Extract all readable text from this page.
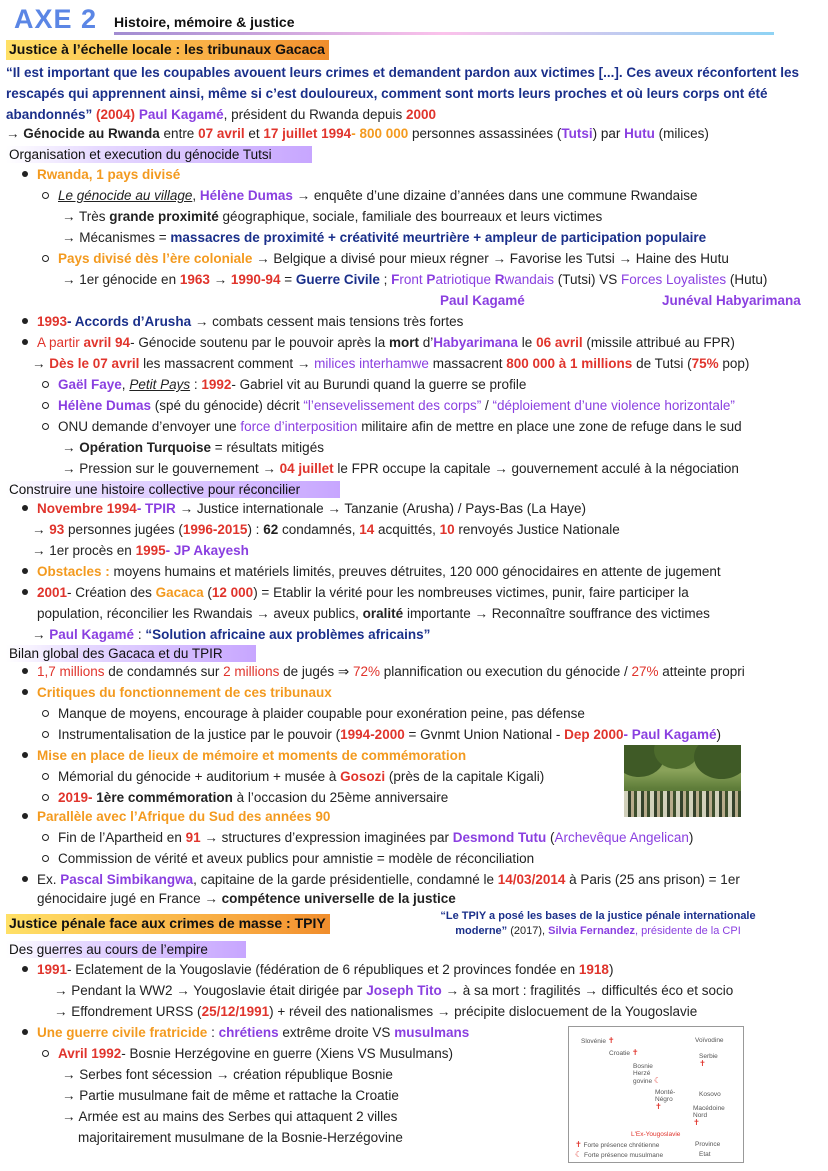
AXE 2 Histoire, mémoire & justice
Justice à l’échelle locale : les tribunaux Gacaca
“Il est important que les coupables avouent leurs crimes et demandent pardon aux victimes [...]. Ces aveux réconfortent les rescapés qui apprennent ainsi, même si c’est douloureux, comment sont morts leurs proches et où leurs corps ont été abandonnés” (2004) Paul Kagamé, président du Rwanda depuis 2000
→ Génocide au Rwanda entre 07 avril et 17 juillet 1994- 800 000 personnes assassinées (Tutsi) par Hutu (milices)
Organisation et execution du génocide Tutsi
Rwanda, 1 pays divisé
Le génocide au village, Hélène Dumas → enquête d’une dizaine d’années dans une commune Rwandaise
→ Très grande proximité géographique, sociale, familiale des bourreaux et leurs victimes
→ Mécanismes = massacres de proximité + créativité meurtrière + ampleur de participation populaire
Pays divisé dès l’ère coloniale → Belgique a divisé pour mieux régner → Favorise les Tutsi → Haine des Hutu
→ 1er génocide en 1963 → 1990-94 = Guerre Civile ; Front Patriotique Rwandais (Tutsi) VS Forces Loyalistes (Hutu)
Paul Kagamé	Junéval Habyarimana
1993- Accords d’Arusha → combats cessent mais tensions très fortes
A partir avril 94- Génocide soutenu par le pouvoir après la mort d’Habyarimana le 06 avril (missile attribué au FPR)
→ Dès le 07 avril les massacrent comment → milices interhamwe massacrent 800 000 à 1 millions de Tutsi (75% pop)
Gaël Faye, Petit Pays : 1992- Gabriel vit au Burundi quand la guerre se profile
Hélène Dumas (spé du génocide) décrit “l’ensevelissement des corps” / “déploiement d’une violence horizontale”
ONU demande d’envoyer une force d’interposition militaire afin de mettre en place une zone de refuge dans le sud
→ Opération Turquoise = résultats mitigés
→ Pression sur le gouvernement → 04 juillet le FPR occupe la capitale → gouvernement acculé à la négociation
Construire une histoire collective pour réconcilier
Novembre 1994- TPIR → Justice internationale → Tanzanie (Arusha) / Pays-Bas (La Haye)
→ 93 personnes jugées (1996-2015) : 62 condamnés, 14 acquittés, 10 renvoyés Justice Nationale
→ 1er procès en 1995- JP Akayesh
Obstacles : moyens humains et matériels limités, preuves détruites, 120 000 génocidaires en attente de jugement
2001- Création des Gacaca (12 000) = Etablir la vérité pour les nombreuses victimes, punir, faire participer la
population, réconcilier les Rwandais → aveux publics, oralité importante → Reconnaître souffrance des victimes
→ Paul Kagamé : “Solution africaine aux problèmes africains”
Bilan global des Gacaca et du TPIR
1,7 millions de condamnés sur 2 millions de jugés ⇒ 72% plannification ou execution du génocide / 27% atteinte propri
Critiques du fonctionnement de ces tribunaux
Manque de moyens, encourage à plaider coupable pour exonération peine, pas défense
Instrumentalisation de la justice par le pouvoir (1994-2000 = Gvnmt Union National - Dep 2000- Paul Kagamé)
Mise en place de lieux de mémoire et moments de commémoration
Mémorial du génocide + auditorium + musée à Gosozi (près de la capitale Kigali)
2019- 1ère commémoration à l’occasion du 25ème anniversaire
Parallèle avec l’Afrique du Sud des années 90
Fin de l’Apartheid en 91 → structures d’expression imaginées par Desmond Tutu (Archevêque Angelican)
Commission de vérité et aveux publics pour amnistie = modèle de réconciliation
Ex. Pascal Simbikangwa, capitaine de la garde présidentielle, condamné le 14/03/2014 à Paris (25 ans prison) = 1er
génocidaire jugé en France → compétence universelle de la justice
Justice pénale face aux crimes de masse : TPIY	“Le TPIY a posé les bases de la justice pénale internationale
moderne” (2017), Silvia Fernandez, présidente de la CPI
Des guerres au cours de l’empire
1991- Eclatement de la Yougoslavie (fédération de 6 républiques et 2 provinces fondée en 1918)
→ Pendant la WW2 → Yougoslavie était dirigée par Joseph Tito → à sa mort : fragilités → difficultés éco et socio
→ Effondrement URSS (25/12/1991) + réveil des nationalismes → précipite dislocuement de la Yougoslavie
Une guerre civile fratricide : chrétiens extrême droite VS musulmans
Avril 1992- Bosnie Herzégovine en guerre (Xiens VS Musulmans)
→ Serbes font sécession → création république Bosnie
→ Partie musulmane fait de même et rattache la Croatie
→ Armée est au mains des Serbes qui attaquent 2 villes
majoritairement musulmane de la Bosnie-Herzégovine
Slovénie ✝
Croatie ✝
Bosnie
Herzé
govine ☾
Voïvodine
Serbie
✝
Monté-
Négro
✝
Kosovo
Macédoine
Nord
✝
L'Ex-Yougoslavie
✝ Forte présence chrétienne
☾ Forte présence musulmane
Province
Etat
